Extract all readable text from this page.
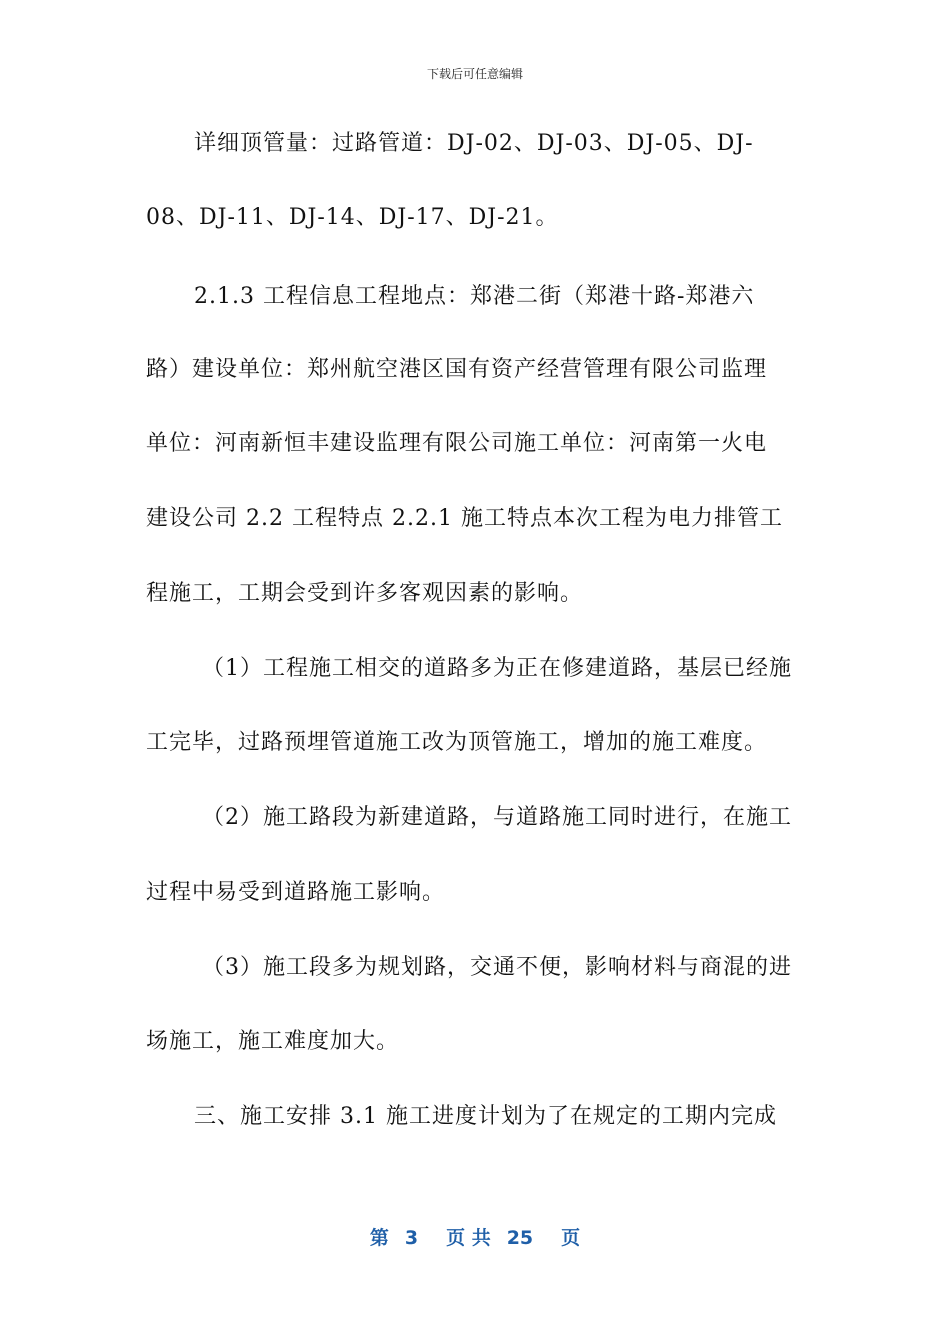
下载后可任意编辑
详细顶管量：过路管道：DJ-02、DJ-03、DJ-05、DJ-
08、DJ-11、DJ-14、DJ-17、DJ-21。
2.1.3 工程信息工程地点：郑港二街（郑港十路-郑港六
路）建设单位：郑州航空港区国有资产经营管理有限公司监理
单位：河南新恒丰建设监理有限公司施工单位：河南第一火电
建设公司 2.2 工程特点 2.2.1 施工特点本次工程为电力排管工
程施工，工期会受到许多客观因素的影响。
（1）工程施工相交的道路多为正在修建道路，基层已经施
工完毕，过路预埋管道施工改为顶管施工，增加的施工难度。
（2）施工路段为新建道路，与道路施工同时进行，在施工
过程中易受到道路施工影响。
（3）施工段多为规划路，交通不便，影响材料与商混的进
场施工，施工难度加大。
三、施工安排 3.1 施工进度计划为了在规定的工期内完成
第 3 页 共 25 页
